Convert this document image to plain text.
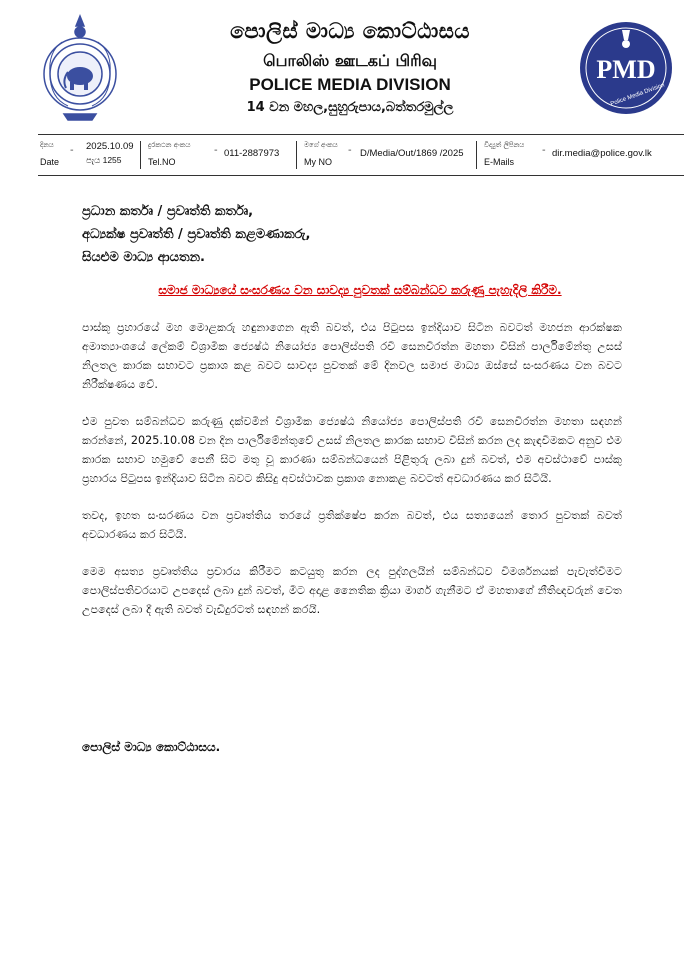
පොලිස් මාධ්‍ය කොට්ඨාසය
பொலிஸ் ஊடகப் பிரிவு
POLICE MEDIA DIVISION
14 වන මහල,සුහුරුපාය,බත්තරමුල්ල
PMD
Police Media Division
දිනය
Date
- 2025.10.09
පැය 1255
දුරකථන අංකය
Tel.NO
- 011-2887973
මගේ අංකය
My NO
- D/Media/Out/1869 /2025
විද්‍යුත් ලිපිනය
E-Mails
- dir.media@police.gov.lk
ප්‍රධාන කර්තෘ / ප්‍රවෘත්ති කර්තෘ,
අධ්‍යක්ෂ ප්‍රවෘත්ති / ප්‍රවෘත්ති කළමණාකරු,
සියළුම මාධ්‍ය ආයතන.
සමාජ මාධ්‍යයේ සංසරණය වන සාවද්‍ය පුවතක් සම්බන්ධව කරුණු පැහැදිලි කිරීම.

පාස්කු ප්‍රහාරයේ මහ මොළකරු හඳුනාගෙන ඇති බවත්, එය පිටුපස ඉන්දියාව සිටින බවටත් මහජන ආරක්ෂක අමාත්‍යාංශයේ ලේකම් විශ්‍රාමික ජ්‍යෙෂ්ඨ නියෝජ්‍ය පොලිස්පති රවී සෙනවිරත්න මහතා විසින් පාර්ලිමේන්තු උසස් නිලතල කාරක සභාවට ප්‍රකාශ කළ බවට සාවද්‍ය පුවතක් මේ දිනවල සමාජ මාධ්‍ය ඔස්සේ සංසරණය වන බවට නිරීක්ෂණය වේ.

එම පුවත සම්බන්ධව කරුණු දක්වමින් විශ්‍රාමික ජ්‍යෙෂ්ඨ නියෝජ්‍ය පොලිස්පති රවී සෙනවිරත්න මහතා සඳහන් කරන්නේ, 2025.10.08 වන දින පාර්ලිමේන්තුවේ උසස් නිලතල කාරක සභාව විසින් කරන ලද කැඳවීමකට අනුව එම කාරක සභාව හමුවේ පෙනී සිට මතු වූ කාරණා සම්බන්ධයෙන් පිළිතුරු ලබා දුන් බවත්, එම අවස්ථාවේ පාස්කු ප්‍රහාරය පිටුපස ඉන්දියාව සිටින බවට කිසිදු අවස්ථාවක ප්‍රකාශ නොකළ බවටත් අවධාරණය කර සිටියි.

තවද, ඉහත සංසරණය වන ප්‍රවෘත්තිය තරයේ ප්‍රතික්ෂේප කරන බවත්, එය සත්‍යයෙන් තොර පුවතක් බවත් අවධාරණය කර සිටියි.

මෙම අසත්‍ය ප්‍රවෘත්තිය ප්‍රචාරය කිරීමට කටයුතු කරන ලද පුද්ගලයින් සම්බන්ධව විමර්ශනයක් පැවැත්වීමට පොලිස්පතිවරයාට උපදෙස් ලබා දුන් බවත්, මීට අදාළ නෛතික ක්‍රියා මාර්ග ගැනීමට ඒ මහතාගේ නීතිඥවරුන් වෙත උපදෙස් ලබා දී ඇති බවත් වැඩිදුරටත් සඳහන් කරයි.

පොලිස් මාධ්‍ය කොට්ඨාසය.
